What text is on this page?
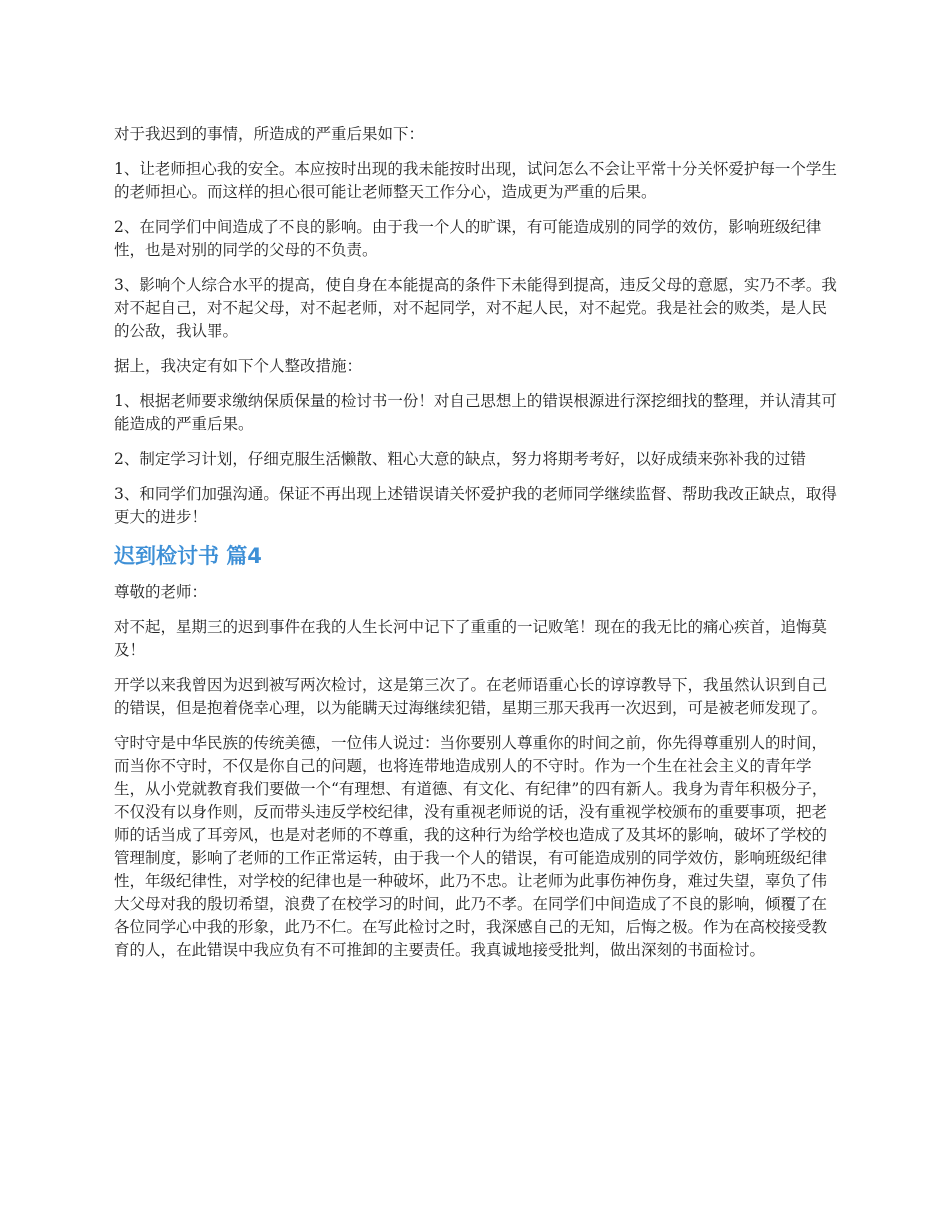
对于我迟到的事情，所造成的严重后果如下：

1、让老师担心我的安全。本应按时出现的我未能按时出现，试问怎么不会让平常十分关怀爱护每一个学生的老师担心。而这样的担心很可能让老师整天工作分心，造成更为严重的后果。

2、在同学们中间造成了不良的影响。由于我一个人的旷课，有可能造成别的同学的效仿，影响班级纪律性，也是对别的同学的父母的不负责。

3、影响个人综合水平的提高，使自身在本能提高的条件下未能得到提高，违反父母的意愿，实乃不孝。我对不起自己，对不起父母，对不起老师，对不起同学，对不起人民，对不起党。我是社会的败类，是人民的公敌，我认罪。

据上，我决定有如下个人整改措施：

1、根据老师要求缴纳保质保量的检讨书一份！对自己思想上的错误根源进行深挖细找的整理，并认清其可能造成的严重后果。

2、制定学习计划，仔细克服生活懒散、粗心大意的缺点，努力将期考考好，以好成绩来弥补我的过错

3、和同学们加强沟通。保证不再出现上述错误请关怀爱护我的老师同学继续监督、帮助我改正缺点，取得更大的进步！

迟到检讨书 篇4

尊敬的老师：

对不起，星期三的迟到事件在我的人生长河中记下了重重的一记败笔！现在的我无比的痛心疾首，追悔莫及！

开学以来我曾因为迟到被写两次检讨，这是第三次了。在老师语重心长的谆谆教导下，我虽然认识到自己的错误，但是抱着侥幸心理，以为能瞒天过海继续犯错，星期三那天我再一次迟到，可是被老师发现了。

守时守是中华民族的传统美德，一位伟人说过：当你要别人尊重你的时间之前，你先得尊重别人的时间，而当你不守时，不仅是你自己的问题，也将连带地造成别人的不守时。作为一个生在社会主义的青年学生，从小党就教育我们要做一个“有理想、有道德、有文化、有纪律”的四有新人。我身为青年积极分子，不仅没有以身作则，反而带头违反学校纪律，没有重视老师说的话，没有重视学校颁布的重要事项，把老师的话当成了耳旁风，也是对老师的不尊重，我的这种行为给学校也造成了及其坏的影响，破坏了学校的管理制度，影响了老师的工作正常运转，由于我一个人的错误，有可能造成别的同学效仿，影响班级纪律性，年级纪律性，对学校的纪律也是一种破坏，此乃不忠。让老师为此事伤神伤身，难过失望，辜负了伟大父母对我的殷切希望，浪费了在校学习的时间，此乃不孝。在同学们中间造成了不良的影响，倾覆了在各位同学心中我的形象，此乃不仁。在写此检讨之时，我深感自己的无知，后悔之极。作为在高校接受教育的人，在此错误中我应负有不可推卸的主要责任。我真诚地接受批判，做出深刻的书面检讨。
